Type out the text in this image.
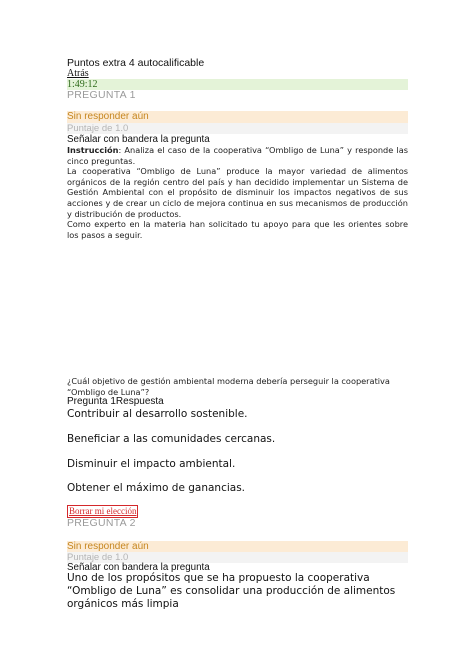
Puntos extra 4 autocalificable
Atrás
1:49:12
PREGUNTA 1
Sin responder aún
Puntaje de 1.0
Señalar con bandera la pregunta

Instrucción: Analiza el caso de la cooperativa “Ombligo de Luna” y responde las cinco preguntas.

La cooperativa “Ombligo de Luna” produce la mayor variedad de alimentos orgánicos de la región centro del país y han decidido implementar un Sistema de Gestión Ambiental con el propósito de disminuir los impactos negativos de sus acciones y de crear un ciclo de mejora continua en sus mecanismos de producción y distribución de productos.

Como experto en la materia han solicitado tu apoyo para que les orientes sobre los pasos a seguir.

¿Cuál objetivo de gestión ambiental moderna debería perseguir la cooperativa “Ombligo de Luna”?
Pregunta 1Respuesta
Contribuir al desarrollo sostenible.
Beneficiar a las comunidades cercanas.
Disminuir el impacto ambiental.
Obtener el máximo de ganancias.
Borrar mi elección
PREGUNTA 2
Sin responder aún
Puntaje de 1.0
Señalar con bandera la pregunta
Uno de los propósitos que se ha propuesto la cooperativa “Ombligo de Luna” es consolidar una producción de alimentos orgánicos más limpia
